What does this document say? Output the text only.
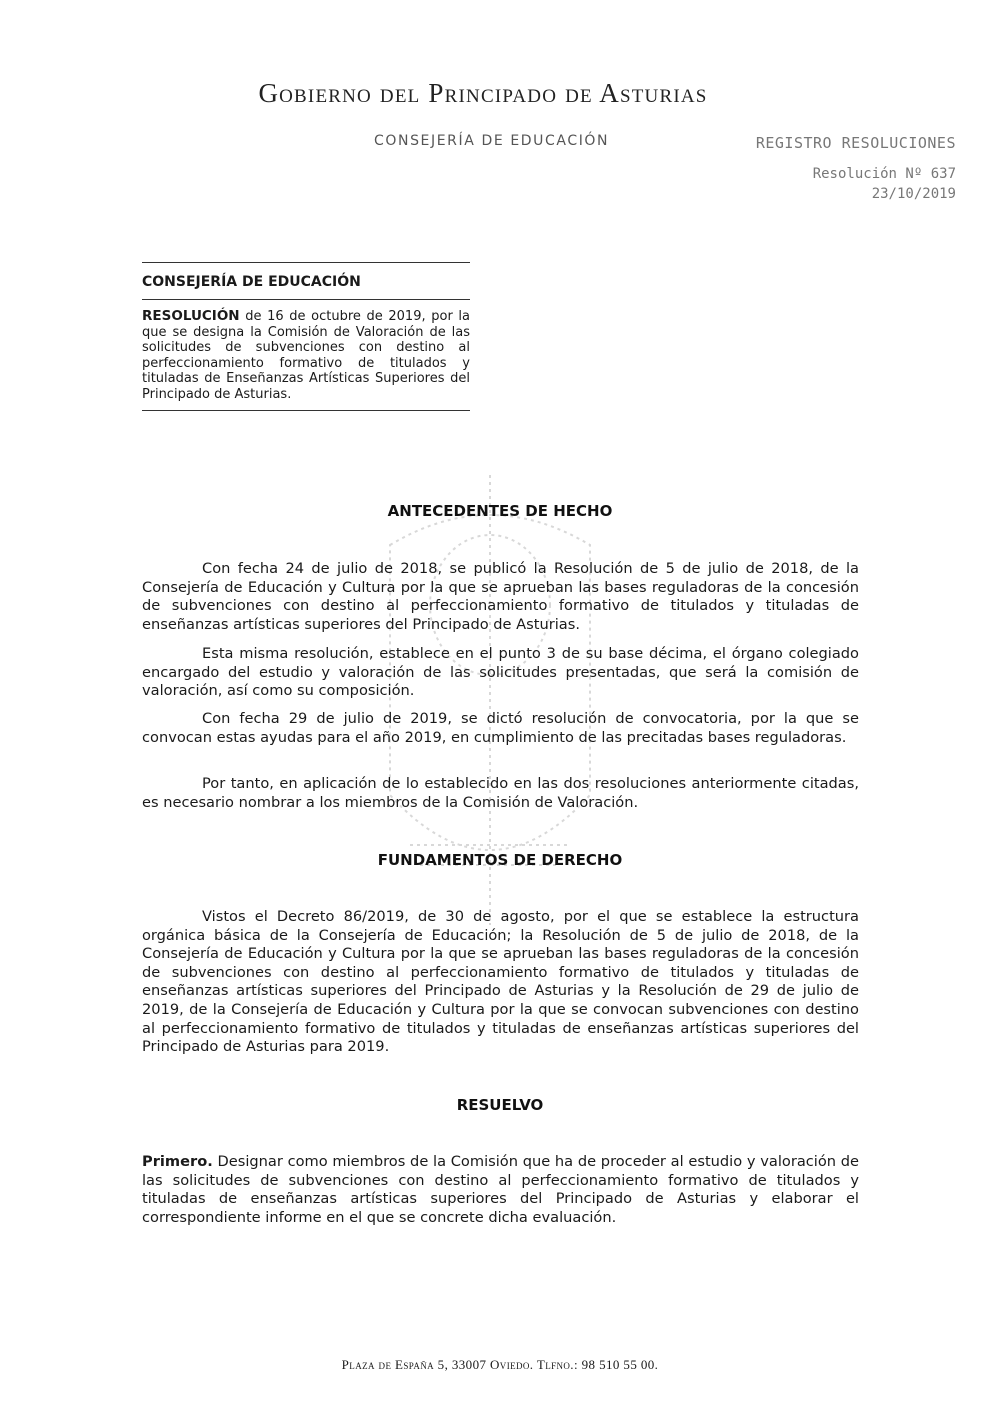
Gobierno del Principado de Asturias
CONSEJERÍA DE EDUCACIÓN	REGISTRO RESOLUCIONES
Resolución Nº 637
23/10/2019
CONSEJERÍA DE EDUCACIÓN
RESOLUCIÓN de 16 de octubre de 2019, por la que se designa la Comisión de Valoración de las solicitudes de subvenciones con destino al perfeccionamiento formativo de titulados y tituladas de Enseñanzas Artísticas Superiores del Principado de Asturias.
ANTECEDENTES DE HECHO
Con fecha 24 de julio de 2018, se publicó la Resolución de 5 de julio de 2018, de la Consejería de Educación y Cultura por la que se aprueban las bases reguladoras de la concesión de subvenciones con destino al perfeccionamiento formativo de titulados y tituladas de enseñanzas artísticas superiores del Principado de Asturias.
Esta misma resolución, establece en el punto 3 de su base décima, el órgano colegiado encargado del estudio y valoración de las solicitudes presentadas, que será la comisión de valoración, así como su composición.
Con fecha 29 de julio de 2019, se dictó resolución de convocatoria, por la que se convocan estas ayudas para el año 2019, en cumplimiento de las precitadas bases reguladoras.
Por tanto, en aplicación de lo establecido en las dos resoluciones anteriormente citadas, es necesario nombrar a los miembros de la Comisión de Valoración.
FUNDAMENTOS DE DERECHO
Vistos el Decreto 86/2019, de 30 de agosto, por el que se establece la estructura orgánica básica de la Consejería de Educación; la Resolución de 5 de julio de 2018, de la Consejería de Educación y Cultura por la que se aprueban las bases reguladoras de la concesión de subvenciones con destino al perfeccionamiento formativo de titulados y tituladas de enseñanzas artísticas superiores del Principado de Asturias y la Resolución de 29 de julio de 2019, de la Consejería de Educación y Cultura por la que se convocan subvenciones con destino al perfeccionamiento formativo de titulados y tituladas de enseñanzas artísticas superiores del Principado de Asturias para 2019.
RESUELVO
Primero. Designar como miembros de la Comisión que ha de proceder al estudio y valoración de las solicitudes de subvenciones con destino al perfeccionamiento formativo de titulados y tituladas de enseñanzas artísticas superiores del Principado de Asturias y elaborar el correspondiente informe en el que se concrete dicha evaluación.
Plaza de España 5, 33007 Oviedo. Tlfno.: 98 510 55 00.
